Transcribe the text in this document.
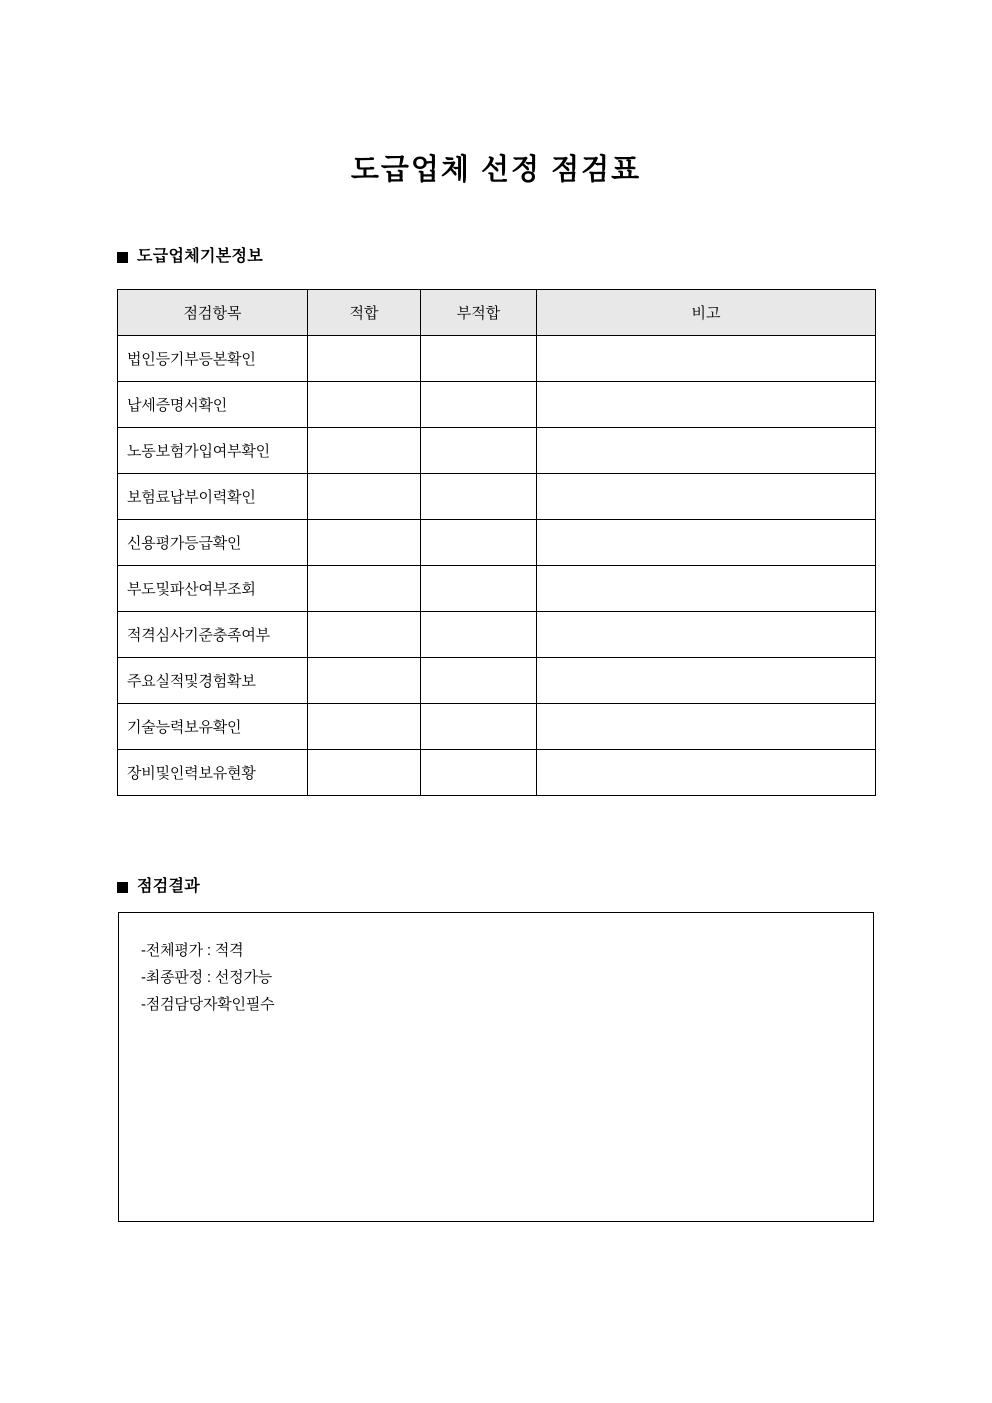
도급업체 선정 점검표
도급업체기본정보
점검항목	적합	부적합	비고
법인등기부등본확인			
납세증명서확인			
노동보험가입여부확인			
보험료납부이력확인			
신용평가등급확인			
부도및파산여부조회			
적격심사기준충족여부			
주요실적및경험확보			
기술능력보유확인			
장비및인력보유현황			
점검결과
-전체평가 : 적격
-최종판정 : 선정가능
-점검담당자확인필수
